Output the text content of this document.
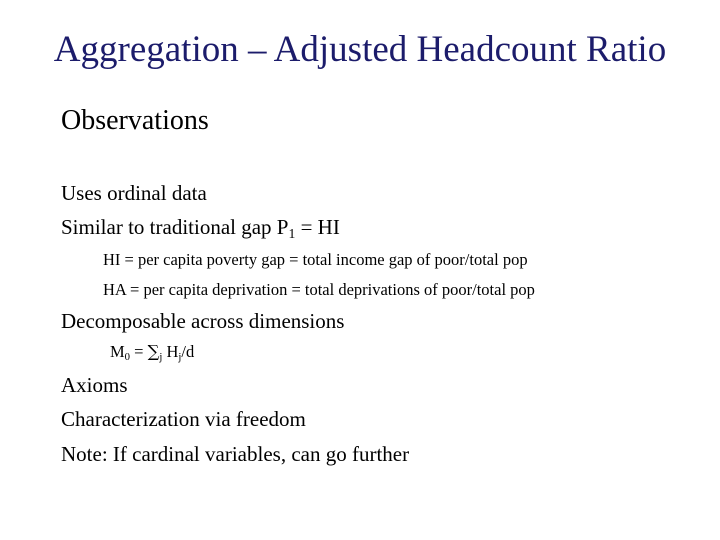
Aggregation – Adjusted Headcount Ratio
Observations
Uses ordinal data
Similar to traditional gap $P_1$ = HI
HI = per capita poverty gap = total income gap of poor/total pop
HA = per capita deprivation = total deprivations of poor/total pop
Decomposable across dimensions
$M_0 = \sum_j$ $H_j/d$
Axioms
Characterization via freedom
Note: If cardinal variables, can go further
